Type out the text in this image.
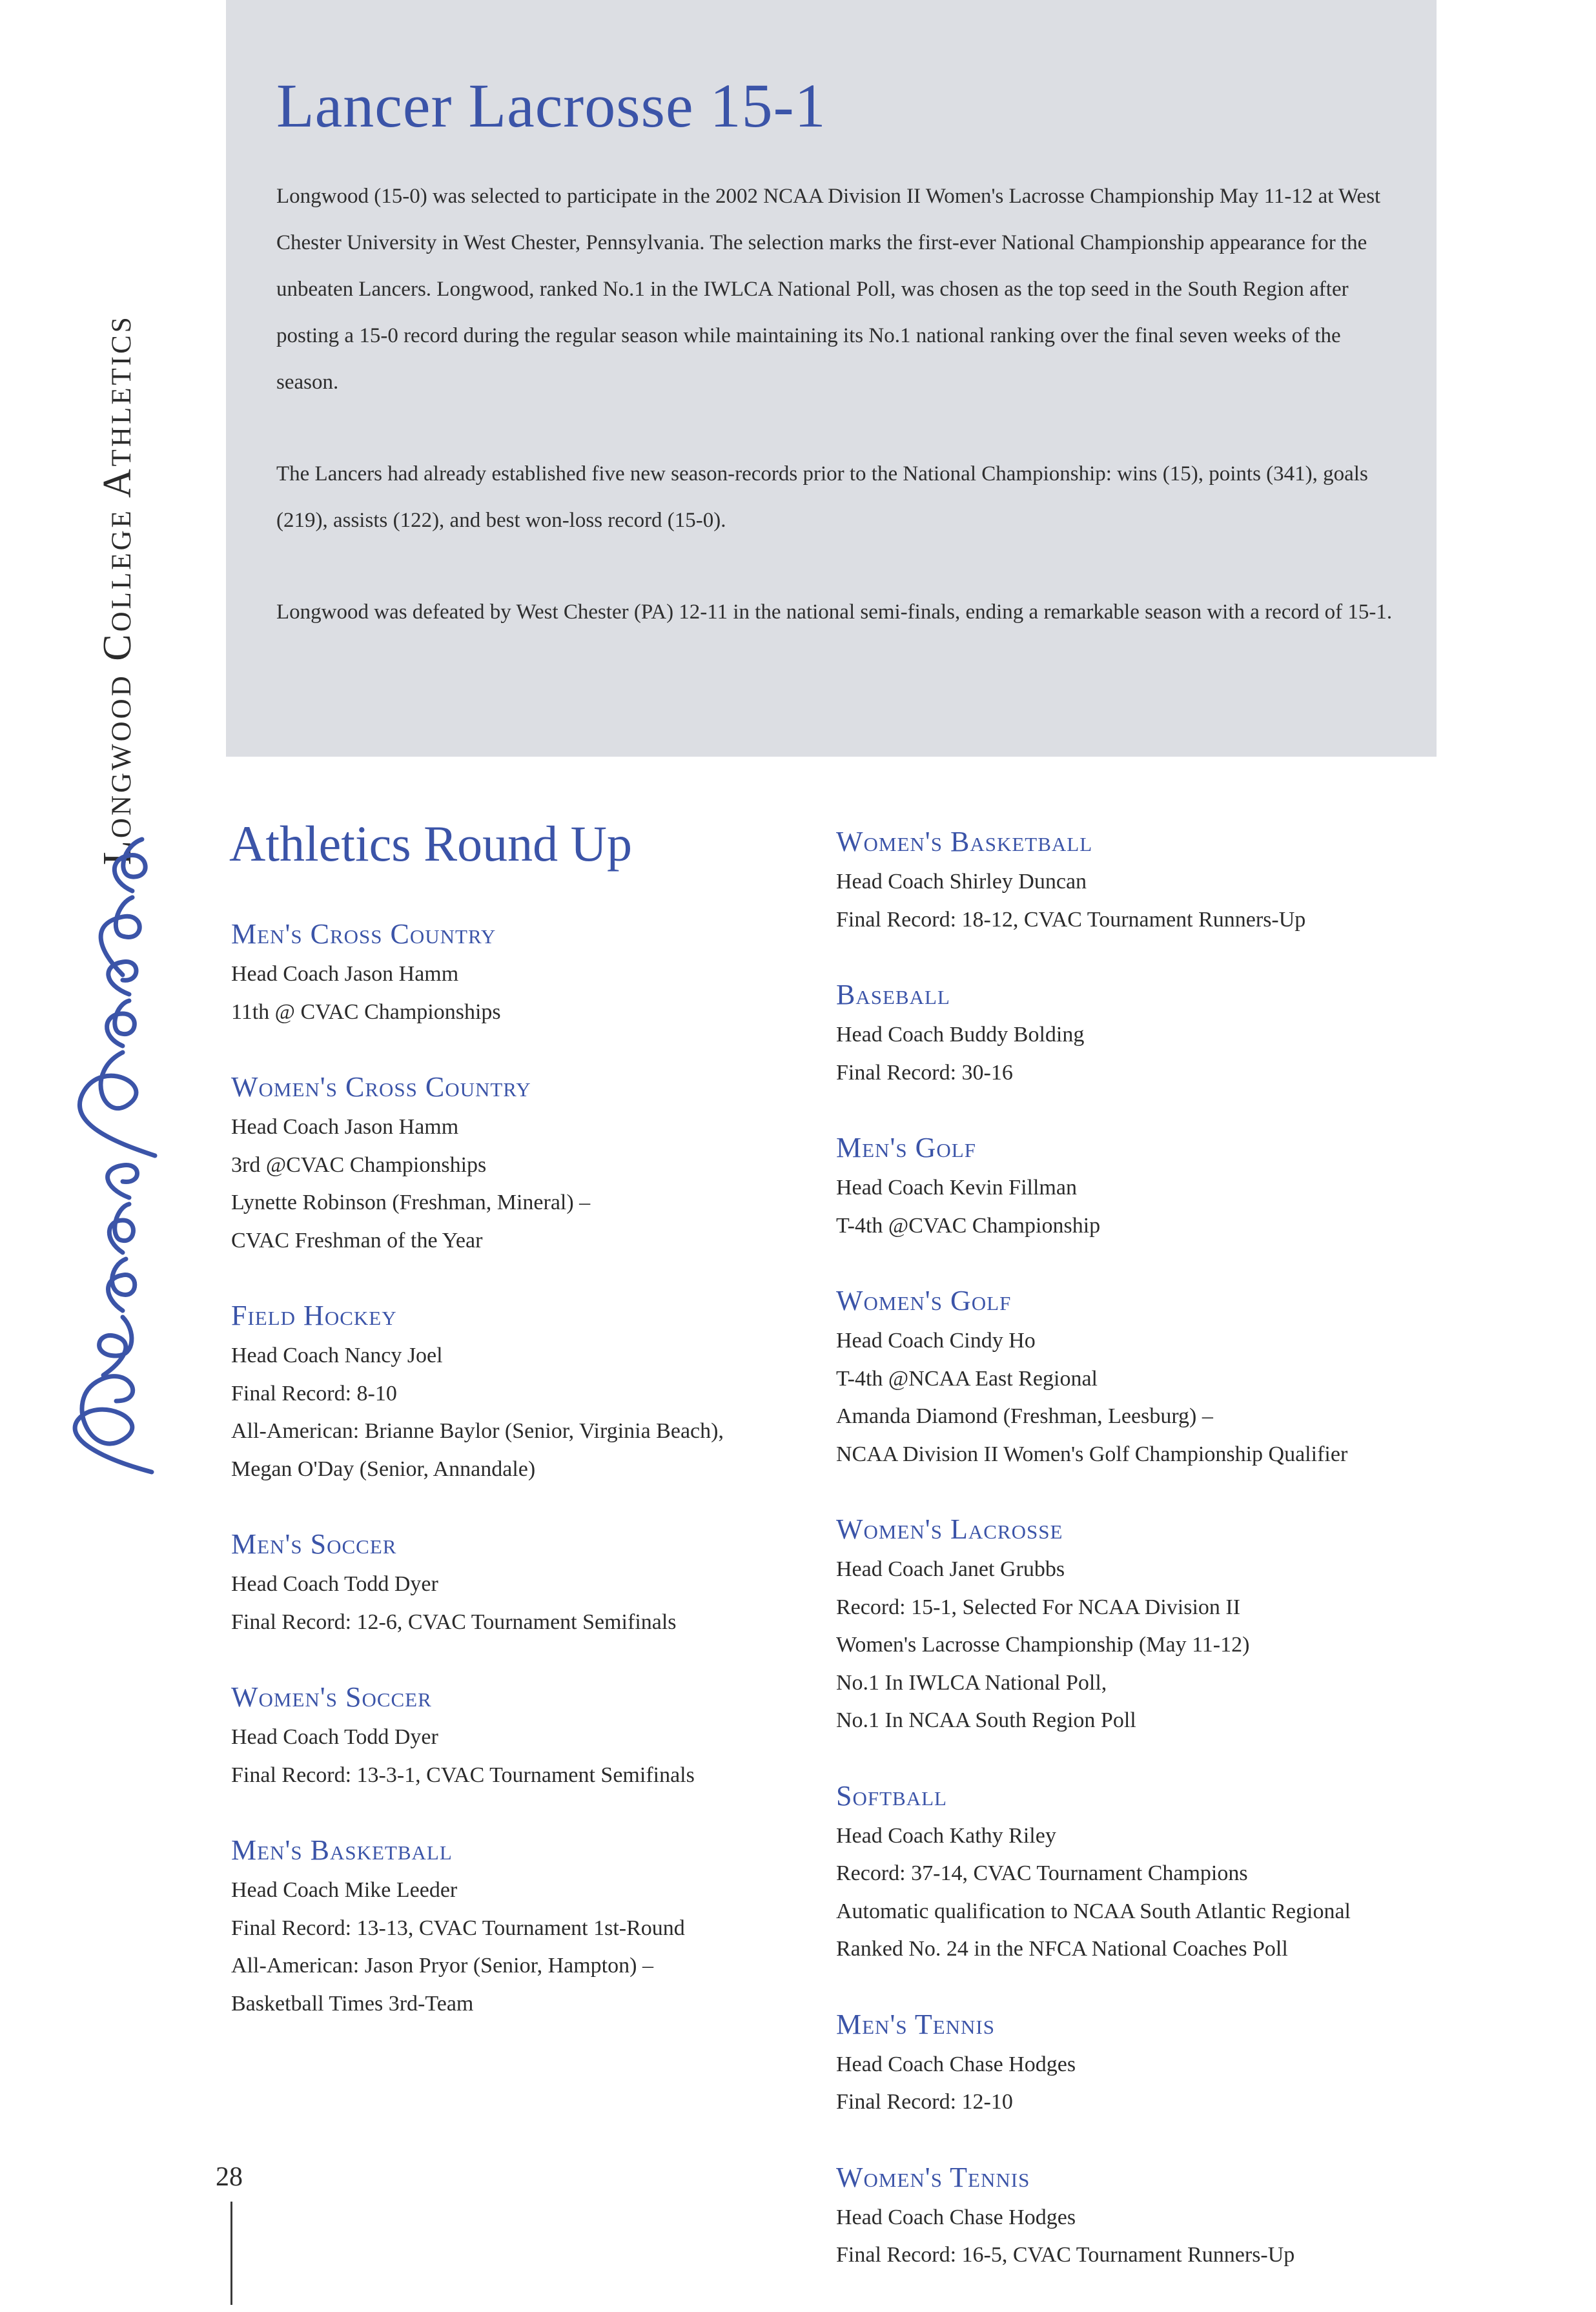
Lancer Lacrosse 15-1

Longwood (15-0) was selected to participate in the 2002 NCAA Division II Women's Lacrosse Championship May 11-12 at West Chester University in West Chester, Pennsylvania. The selection marks the first-ever National Championship appearance for the unbeaten Lancers. Longwood, ranked No.1 in the IWLCA National Poll, was chosen as the top seed in the South Region after posting a 15-0 record during the regular season while maintaining its No.1 national ranking over the final seven weeks of the season.

The Lancers had already established five new season-records prior to the National Championship: wins (15), points (341), goals (219), assists (122), and best won-loss record (15-0).

Longwood was defeated by West Chester (PA) 12-11 in the national semi-finals, ending a remarkable season with a record of 15-1.

Longwood College Athletics
Lancer Scoreboard	Athletics Round Up
Men's Cross Country
Head Coach Jason Hamm
11th @ CVAC Championships
Women's Cross Country
Head Coach Jason Hamm
3rd @CVAC Championships
Lynette Robinson (Freshman, Mineral) –
CVAC Freshman of the Year
Field Hockey
Head Coach Nancy Joel
Final Record: 8-10
All-American: Brianne Baylor (Senior, Virginia Beach),
Megan O'Day (Senior, Annandale)
Men's Soccer
Head Coach Todd Dyer
Final Record: 12-6, CVAC Tournament Semifinals
Women's Soccer
Head Coach Todd Dyer
Final Record: 13-3-1, CVAC Tournament Semifinals
Men's Basketball
Head Coach Mike Leeder
Final Record: 13-13, CVAC Tournament 1st-Round
All-American: Jason Pryor (Senior, Hampton) –
Basketball Times 3rd-Team
Women's Basketball
Head Coach Shirley Duncan
Final Record: 18-12, CVAC Tournament Runners-Up
Baseball
Head Coach Buddy Bolding
Final Record: 30-16
Men's Golf
Head Coach Kevin Fillman
T-4th @CVAC Championship
Women's Golf
Head Coach Cindy Ho
T-4th @NCAA East Regional
Amanda Diamond (Freshman, Leesburg) –
NCAA Division II Women's Golf Championship Qualifier
Women's Lacrosse
Head Coach Janet Grubbs
Record: 15-1, Selected For NCAA Division II
Women's Lacrosse Championship (May 11-12)
No.1 In IWLCA National Poll,
No.1 In NCAA South Region Poll
Softball
Head Coach Kathy Riley
Record: 37-14, CVAC Tournament Champions
Automatic qualification to NCAA South Atlantic Regional
Ranked No. 24 in the NFCA National Coaches Poll
Men's Tennis
Head Coach Chase Hodges
Final Record: 12-10
Women's Tennis
Head Coach Chase Hodges
Final Record: 16-5, CVAC Tournament Runners-Up
28
